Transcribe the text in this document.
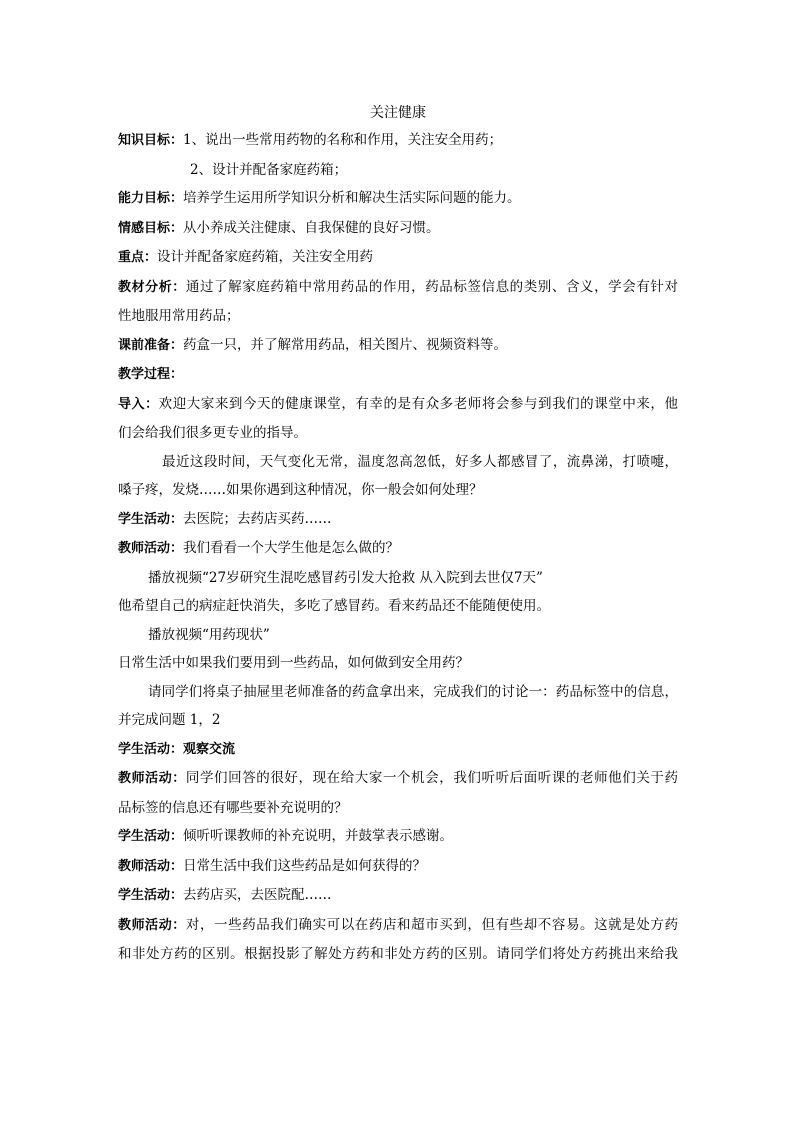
关注健康
知识目标：1、说出一些常用药物的名称和作用，关注安全用药；
2、设计并配备家庭药箱；
能力目标：培养学生运用所学知识分析和解决生活实际问题的能力。
情感目标：从小养成关注健康、自我保健的良好习惯。
重点：设计并配备家庭药箱，关注安全用药
教材分析：通过了解家庭药箱中常用药品的作用，药品标签信息的类别、含义，学会有针对
性地服用常用药品；
课前准备：药盒一只，并了解常用药品，相关图片、视频资料等。
教学过程：
导入：欢迎大家来到今天的健康课堂，有幸的是有众多老师将会参与到我们的课堂中来，他
们会给我们很多更专业的指导。
最近这段时间，天气变化无常，温度忽高忽低，好多人都感冒了，流鼻涕，打喷嚏，
嗓子疼，发烧……如果你遇到这种情况，你一般会如何处理？
学生活动：去医院；去药店买药……
教师活动：我们看看一个大学生他是怎么做的？
播放视频“27岁研究生混吃感冒药引发大抢救 从入院到去世仅7天”
他希望自己的病症赶快消失，多吃了感冒药。看来药品还不能随便使用。
播放视频“用药现状”
日常生活中如果我们要用到一些药品，如何做到安全用药？
请同学们将桌子抽屉里老师准备的药盒拿出来，完成我们的讨论一：药品标签中的信息，
并完成问题 1，2
学生活动：观察交流
教师活动：同学们回答的很好，现在给大家一个机会，我们听听后面听课的老师他们关于药
品标签的信息还有哪些要补充说明的？
学生活动：倾听听课教师的补充说明，并鼓掌表示感谢。
教师活动：日常生活中我们这些药品是如何获得的？
学生活动：去药店买，去医院配……
教师活动：对，一些药品我们确实可以在药店和超市买到，但有些却不容易。这就是处方药
和非处方药的区别。根据投影了解处方药和非处方药的区别。请同学们将处方药挑出来给我
